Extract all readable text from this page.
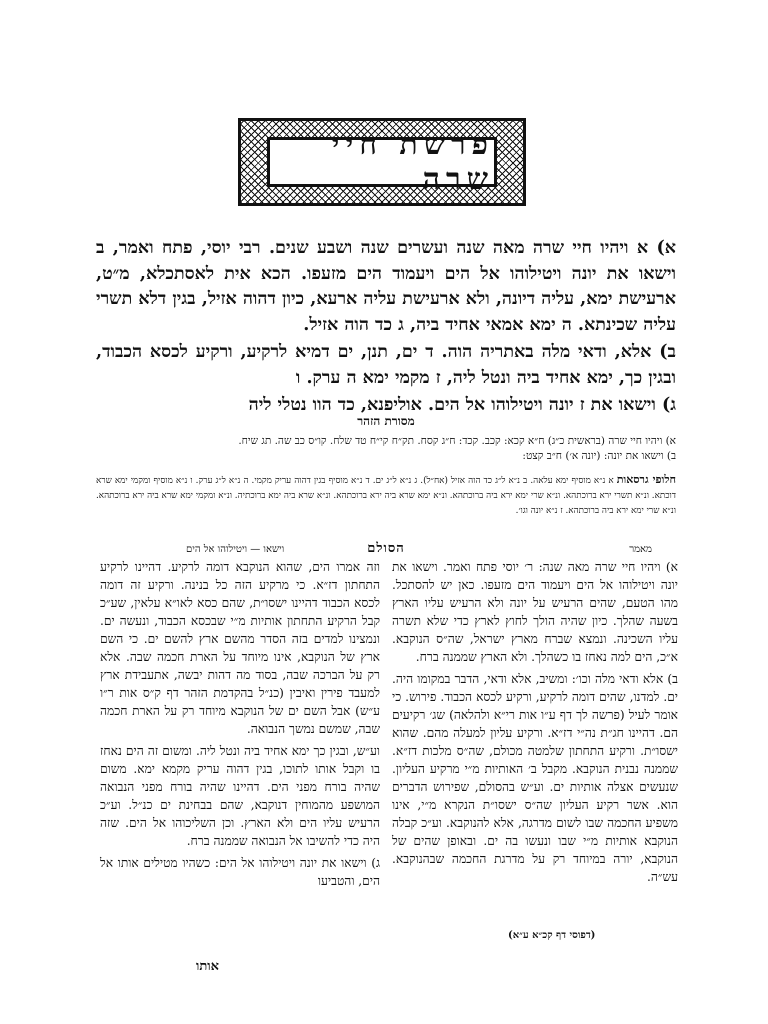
פרשת חיי שרה

א) א ויהיו חיי שרה מאה שנה ועשרים שנה ושבע שנים. רבי יוסי, פתח ואמר, ב וישאו את יונה ויטילוהו אל הים ויעמוד הים מזעפו. הכא אית לאסתכלא, מ״ט, ארעישת ימא, עליה דיונה, ולא ארעישת עליה ארעא, כיון דהוה אזיל, בגין דלא תשרי עליה שכינתא. ה ימא אמאי אחיד ביה, ג כד הוה אזיל.

ב) אלא, ודאי מלה באתריה הוה. ד ים, תנן, ים דמיא לרקיע, ורקיע לכסא הכבוד, ובגין כך, ימא אחיד ביה ונטל ליה, ז מקמי ימא ה ערק. ו

ג) וישאו את ז יונה ויטילוהו אל הים. אוליפנא, כד הוו נטלי ליה

מסורת הזהר

א) ויהיו חיי שרה (בראשית כ״ג) ח״א קכא: קכב. קכד: ח״ג קסח. תק״ח קי״ח טד שלח. קו״ס כב שה. תג שיח.

ב) וישאו את יונה: (יונה א׳) ח״ב קצט:

חלופי גרסאות א נ״א מוסיף ימא עלאה. ב נ״א ל״ג כד הוה אזיל (אח״ל). ג נ״א ל״ג ים. ד נ״א מוסיף בגין דהוה עריק מקמי. ה נ״א ל״ג ערק. ו נ״א מוסיף ומקמי ימא שרא דוכתא. ונ״א תשרי ירא ברוכתהא. ונ״א שרי ימא ירא ביה ברוכתהא. ונ״א ימא שרא ביה ירא ברוכתהא. ונ״א שרא ביה ימא ברוכתיה. ונ״א ומקמי ימא שרא ביה ירא ברוכתהא. ונ״א שרי ימא ירא ביה ברוכתהא. ז נ״א יונה וגו׳.
מאמר
הסולם
וישאו — ויטילוהו אל הים

א) ויהיו חיי שרה מאה שנה: ר׳ יוסי פתח ואמר. וישאו את יונה ויטילוהו אל הים ויעמוד הים מזעפו. כאן יש להסתכל. מהו הטעם, שהים הרעיש על יונה ולא הרעיש עליו הארץ בשעה שהלך. כיון שהיה הולך לחוץ לארץ כדי שלא תשרה עליו השכינה. ונמצא שברח מארץ ישראל, שה״ס הנוקבא. א״כ, הים למה נאחז בו כשהלך. ולא הארץ שממנה ברח.

ב) אלא ודאי מלה וכו׳: ומשיב, אלא ודאי, הדבר במקומו היה. ים. למדנו, שהים דומה לרקיע, ורקיע לכסא הכבוד. פירוש. כי אומר לעיל (פרשה לך דף ע״ו אות רי״א ולהלאה) שג׳ רקיעים הם. דהיינו חג״ת נה״י דז״א. ורקיע עליון למעלה מהם. שהוא ישסו״ת. ורקיע התחתון שלמטה מכולם, שה״ס מלכות דז״א. שממנה נבנית הנוקבא. מקבל ב׳ האותיות מ״י מרקיע העליון. שנעשים אצלה אותיות ים. וע״ש בהסולם, שפירוש הדברים הוא. אשר רקיע העליון שה״ס ישסו״ת הנקרא מ״י, אינו משפיע החכמה שבו לשום מדרגה, אלא להנוקבא. וע״כ קבלה הנוקבא אותיות מ״י שבו ונעשו בה ים. ובאופן שהים של הנוקבא, יורה במיוחד רק על מדרגת החכמה שבהנוקבא. עש״ה.

וזה אמרו הים, שהוא הנוקבא דומה לרקיע. דהיינו לרקיע התחתון דז״א. כי מרקיע הזה כל בנינה. ורקיע זה דומה לכסא הכבוד דהיינו ישסו״ת, שהם כסא לאו״א עלאין, שע״כ קבל הרקיע התחתון אותיות מ״י שבכסא הכבוד, ונעשה ים. ונמצינו למדים בזה הסדר מהשם ארץ להשם ים. כי השם ארץ של הנוקבא, אינו מיוחד על הארת חכמה שבה. אלא רק על הברכה שבה, בסוד מה דהות יבשה, אתעבידת ארץ למעבד פירין ואיבין (כנ״ל בהקדמת הזהר דף ק״ס אות ר״ו ע״ש) אבל השם ים של הנוקבא מיוחד רק על הארת חכמה שבה, שמשם נמשך הנבואה.

וע״ש, ובגין כך ימא אחיד ביה ונטל ליה. ומשום זה הים נאחז בו וקבל אותו לתוכו, בגין דהוה עריק מקמא ימא. משום שהיה בורח מפני הים. דהיינו שהיה בורח מפני הנבואה המושפע מהמוחין דנוקבא, שהם בבחינת ים כנ״ל. וע״כ הרעיש עליו הים ולא הארץ. וכן השליכוהו אל הים. שזה היה כדי להשיבו אל הנבואה שממנה ברח.

ג) וישאו את יונה ויטילוהו אל הים: כשהיו מטילים אותו אל הים, והטביעו

(דפוסי דף קכ״א ע״א)
אותו
